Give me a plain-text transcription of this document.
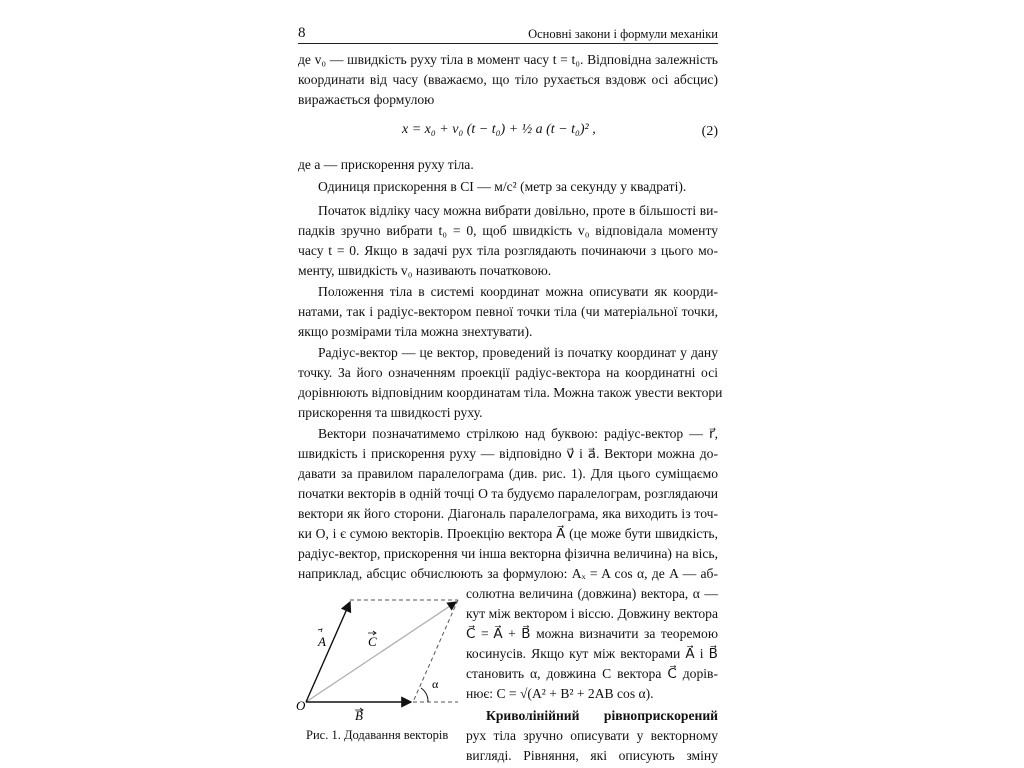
8	Основні закони і формули механіки
де v₀ — швидкість руху тіла в момент часу t = t₀. Відповідна залежність
координати від часу (вважаємо, що тіло рухається вздовж осі абсцис)
виражається формулою
x = x₀ + v₀ (t − t₀) + ½ a (t − t₀)² ,	(2)
де a — прискорення руху тіла.
Одиниця прискорення в СІ — м/с² (метр за секунду у квадраті).
Початок відліку часу можна вибрати довільно, проте в більшості ви-
падків зручно вибрати t₀ = 0, щоб швидкість v₀ відповідала моменту
часу t = 0. Якщо в задачі рух тіла розглядають починаючи з цього мо-
менту, швидкість v₀ називають початковою.
Положення тіла в системі координат можна описувати як коорди-
натами, так і радіус-вектором певної точки тіла (чи матеріальної точки,
якщо розмірами тіла можна знехтувати).
Радіус-вектор — це вектор, проведений із початку координат у дану
точку. За його означенням проекції радіус-вектора на координатні осі
дорівнюють відповідним координатам тіла. Можна також увести вектори
прискорення та швидкості руху.
Вектори позначатимемо стрілкою над буквою: радіус-вектор — r⃗,
швидкість і прискорення руху — відповідно v⃗ і a⃗. Вектори можна до-
давати за правилом паралелограма (див. рис. 1). Для цього суміщаємо
початки векторів в одній точці O та будуємо паралелограм, розглядаючи
вектори як його сторони. Діагональ паралелограма, яка виходить із точ-
ки O, і є сумою векторів. Проекцію вектора A⃗ (це може бути швидкість,
радіус-вектор, прискорення чи інша векторна фізична величина) на вісь,
наприклад, абсцис обчислюють за формулою: Aₓ = A cos α, де A — аб-
солютна величина (довжина) вектора, α —
кут між вектором і віссю. Довжину вектора
C⃗ = A⃗ + B⃗ можна визначити за теоремою
косинусів. Якщо кут між векторами A⃗ і B⃗
становить α, довжина C вектора C⃗ дорів-
нює: C = √(A² + B² + 2AB cos α).
Криволінійний рівноприскорений
рух тіла зручно описувати у векторному
вигляді. Рівняння, які описують зміну
O
A
B
C
α
Рис. 1. Додавання векторів
